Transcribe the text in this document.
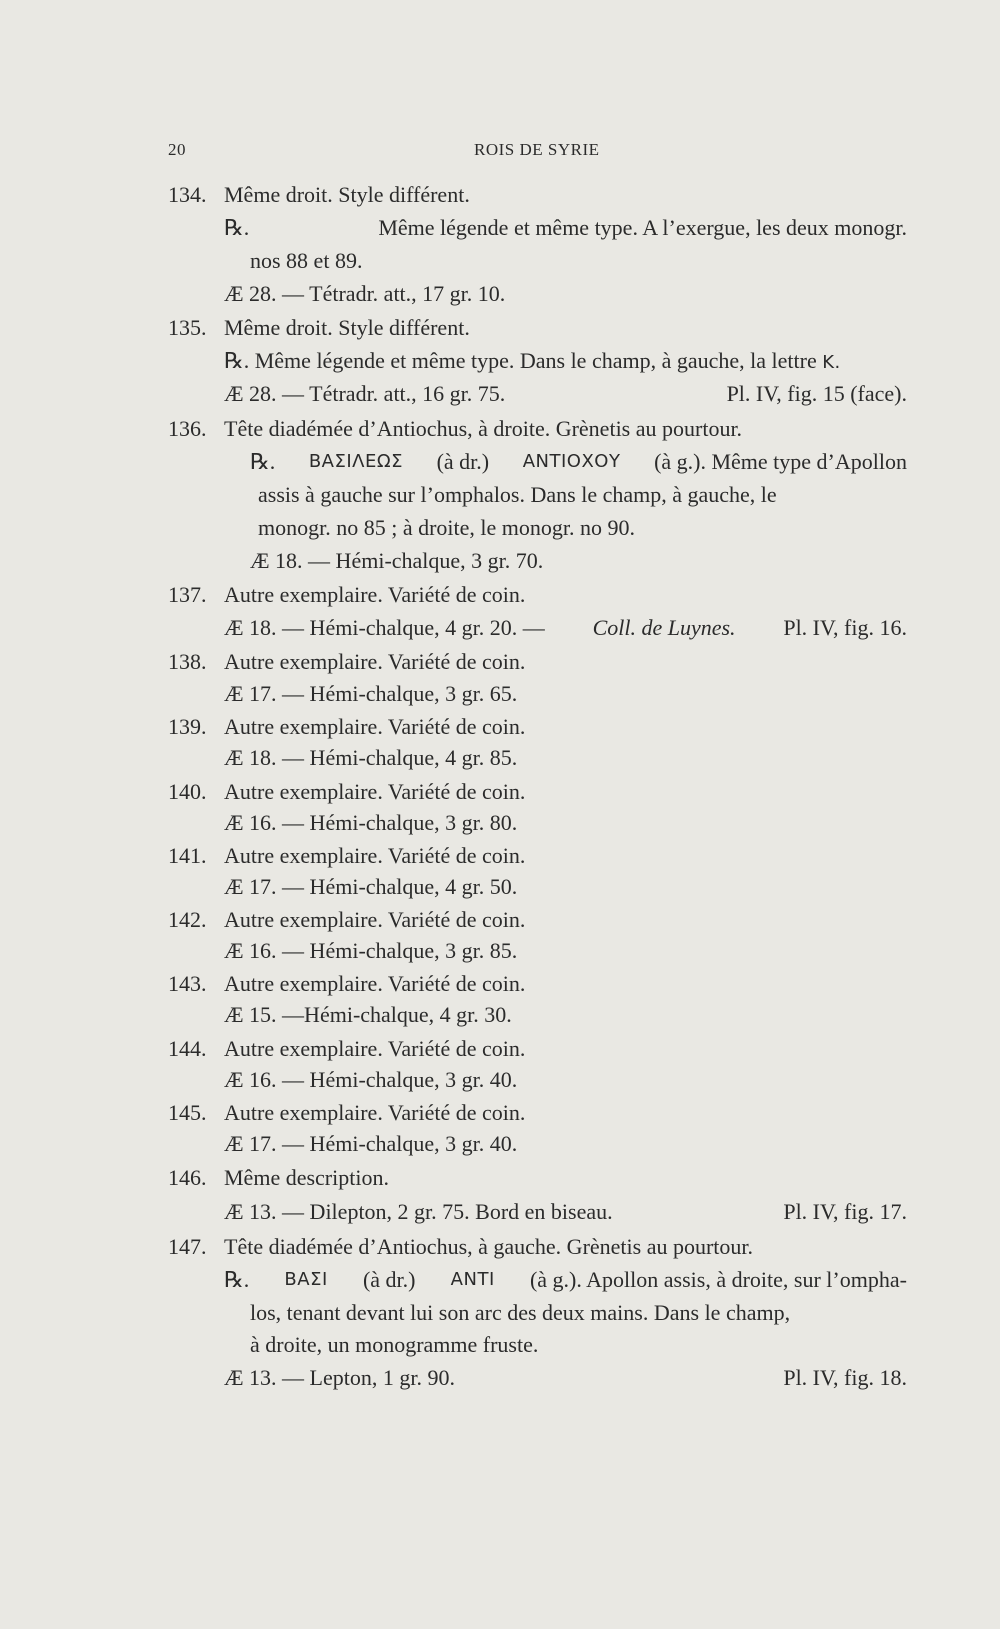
20	ROIS DE SYRIE
134. Même droit. Style différent.
℞.	Même légende et même type. A l’exergue, les deux monogr.
nos 88 et 89.
Æ 28. — Tétradr. att., 17 gr. 10.
135. Même droit. Style différent.
℞. Même légende et même type. Dans le champ, à gauche, la lettre K.
Æ 28. — Tétradr. att., 16 gr. 75.	Pl. IV, fig. 15 (face).
136. Tête diadémée d’Antiochus, à droite. Grènetis au pourtour.
℞. ΒΑΣΙΛΕΩΣ (à dr.) ΑΝΤΙΟΧΟΥ (à g.). Même type d’Apollon
assis à gauche sur l’omphalos. Dans le champ, à gauche, le
monogr. no 85 ; à droite, le monogr. no 90.
Æ 18. — Hémi-chalque, 3 gr. 70.
137. Autre exemplaire. Variété de coin.
Æ 18. — Hémi-chalque, 4 gr. 20. — Coll. de Luynes. Pl. IV, fig. 16.
138. Autre exemplaire. Variété de coin.
Æ 17. — Hémi-chalque, 3 gr. 65.
139. Autre exemplaire. Variété de coin.
Æ 18. — Hémi-chalque, 4 gr. 85.
140. Autre exemplaire. Variété de coin.
Æ 16. — Hémi-chalque, 3 gr. 80.
141. Autre exemplaire. Variété de coin.
Æ 17. — Hémi-chalque, 4 gr. 50.
142. Autre exemplaire. Variété de coin.
Æ 16. — Hémi-chalque, 3 gr. 85.
143. Autre exemplaire. Variété de coin.
Æ 15. —Hémi-chalque, 4 gr. 30.
144. Autre exemplaire. Variété de coin.
Æ 16. — Hémi-chalque, 3 gr. 40.
145. Autre exemplaire. Variété de coin.
Æ 17. — Hémi-chalque, 3 gr. 40.
146. Même description.
Æ 13. — Dilepton, 2 gr. 75. Bord en biseau.	Pl. IV, fig. 17.
147. Tête diadémée d’Antiochus, à gauche. Grènetis au pourtour.
℞. ΒΑΣΙ (à dr.) ΑΝΤΙ (à g.). Apollon assis, à droite, sur l’ompha-
los, tenant devant lui son arc des deux mains. Dans le champ,
à droite, un monogramme fruste.
Æ 13. — Lepton, 1 gr. 90.	Pl. IV, fig. 18.
